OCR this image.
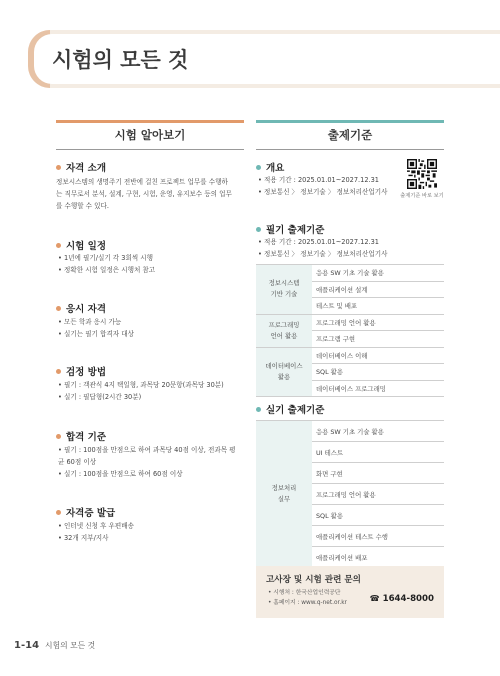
시험의 모든 것
시험 알아보기	출제기준
자격 소개
정보시스템의 생명주기 전반에 걸친 프로젝트 업무를 수행하
는 직무로서 분석, 설계, 구현, 시험, 운영, 유지보수 등의 업무
를 수행할 수 있다.
시험 일정
• 1년에 필기/실기 각 3회씩 시행
• 정확한 시험 일정은 시행처 참고
응시 자격
• 모든 학과 응시 가능
• 실기는 필기 합격자 대상
검정 방법
• 필기 : 객관식 4지 택일형, 과목당 20문항(과목당 30분)
• 실기 : 필답형(2시간 30분)
합격 기준
• 필기 : 100점을 만점으로 하여 과목당 40점 이상, 전과목 평
균 60점 이상
• 실기 : 100점을 만점으로 하여 60점 이상
자격증 발급
• 인터넷 신청 후 우편배송
• 32개 지부/지사
개요
• 적용 기간 : 2025.01.01~2027.12.31
• 정보통신 〉 정보기술 〉 정보처리산업기사	출제기준 바로 보기
필기 출제기준
• 적용 기간 : 2025.01.01~2027.12.31
• 정보통신 〉 정보기술 〉 정보처리산업기사
정보시스템
기반 기술	응용 SW 기초 기술 활용
	애플리케이션 설계
	테스트 및 배포

프로그래밍
언어 활용	프로그래밍 언어 활용
	프로그램 구현

데이터베이스
활용	데이터베이스 이해
	SQL 활용
	데이터베이스 프로그래밍
실기 출제기준
정보처리
실무
	응용 SW 기초 기술 활용
UI 테스트
화면 구현
프로그래밍 언어 활용
SQL 활용
애플리케이션 테스트 수행
애플리케이션 배포
고사장 및 시험 관련 문의
• 시행처 : 한국산업인력공단
• 홈페이지 : www.q-net.or.kr	☎ 1644-8000
1-14 시험의 모든 것
